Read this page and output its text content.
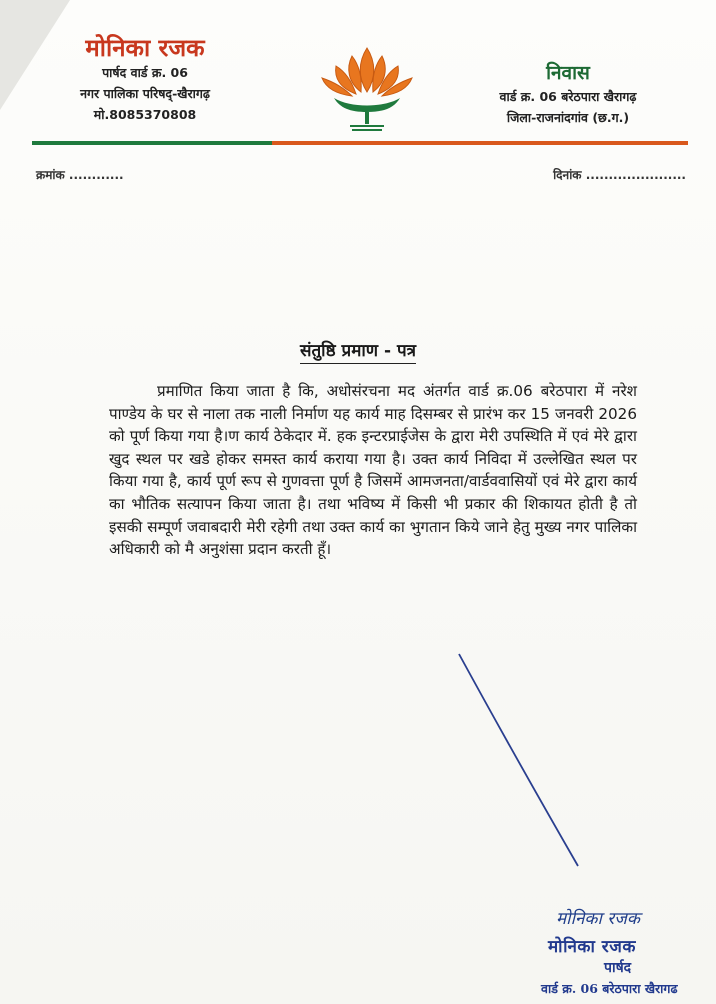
मोनिका रजक
पार्षद वार्ड क्र. 06
नगर पालिका परिषद्-खैरागढ़
मो.8085370808
निवास
वार्ड क्र. 06 बरेठपारा खैरागढ़
जिला-राजनांदगांव (छ.ग.)
क्रमांक ............	दिनांक ......................
संतुष्ठि प्रमाण - पत्र
प्रमाणित किया जाता है कि, अधोसंरचना मद अंतर्गत वार्ड क्र.06 बरेठपारा में नरेश पाण्डेय के घर से नाला तक नाली निर्माण यह कार्य माह दिसम्बर से प्रारंभ कर 15 जनवरी 2026 को पूर्ण किया गया है।ण कार्य ठेकेदार में. हक इन्टरप्राईजेस के द्वारा मेरी उपस्थिति में एवं मेरे द्वारा खुद स्थल पर खडे होकर समस्त कार्य कराया गया है। उक्त कार्य निविदा में उल्लेखित स्थल पर किया गया है, कार्य पूर्ण रूप से गुणवत्ता पूर्ण है जिसमें आमजनता/वार्डववासियों एवं मेरे द्वारा कार्य का भौतिक सत्यापन किया जाता है। तथा भविष्य में किसी भी प्रकार की शिकायत होती है तो इसकी सम्पूर्ण जवाबदारी मेरी रहेगी तथा उक्त कार्य का भुगतान किये जाने हेतु मुख्य नगर पालिका अधिकारी को मै अनुशंसा प्रदान करती हूँ।
मोनिका रजक
मोनिका रजक
पार्षद
वार्ड क्र. 06 बरेठपारा खैरागढ
